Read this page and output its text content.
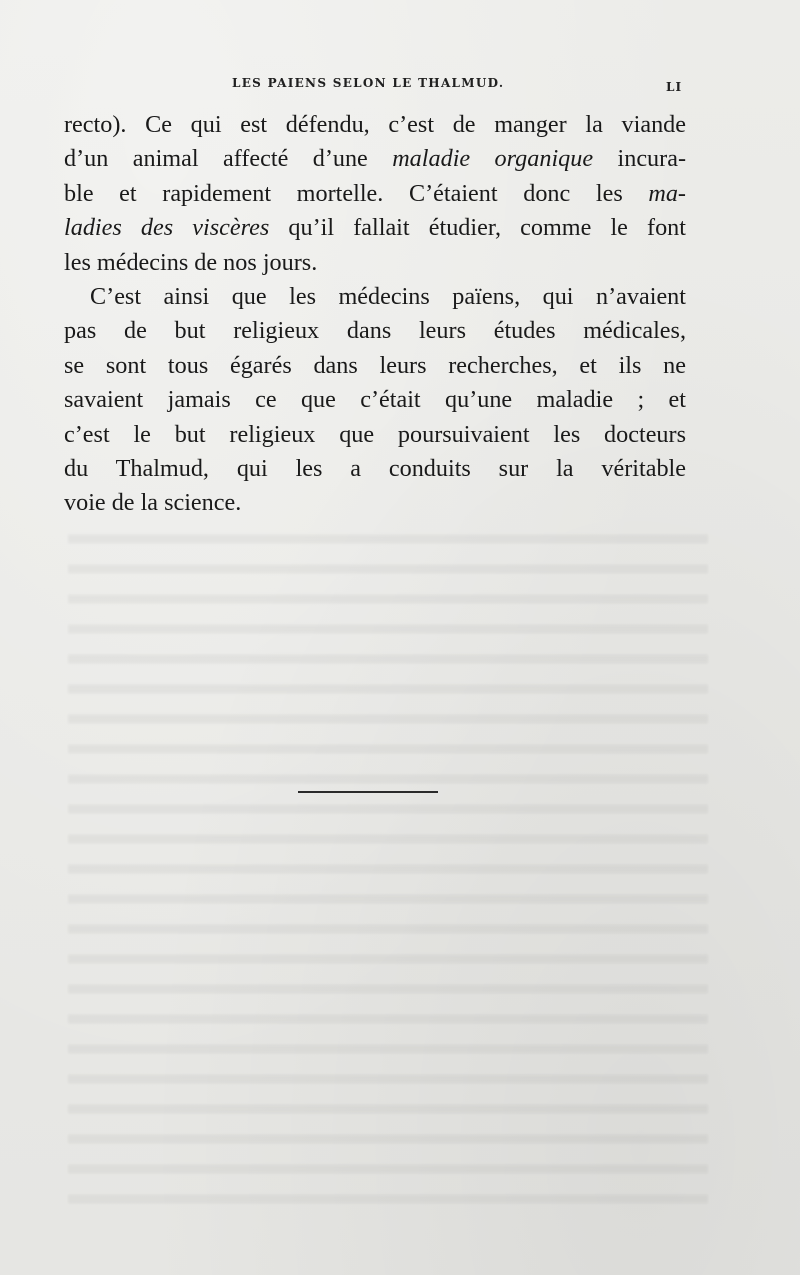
LES PAIENS SELON LE THALMUD.	LI
recto). Ce qui est défendu, c’est de manger la viande
d’un animal affecté d’une maladie organique incura-
ble et rapidement mortelle. C’étaient donc les ma-
ladies des viscères qu’il fallait étudier, comme le font
les médecins de nos jours.
C’est ainsi que les médecins païens, qui n’avaient
pas de but religieux dans leurs études médicales,
se sont tous égarés dans leurs recherches, et ils ne
savaient jamais ce que c’était qu’une maladie ; et
c’est le but religieux que poursuivaient les docteurs
du Thalmud, qui les a conduits sur la véritable
voie de la science.
